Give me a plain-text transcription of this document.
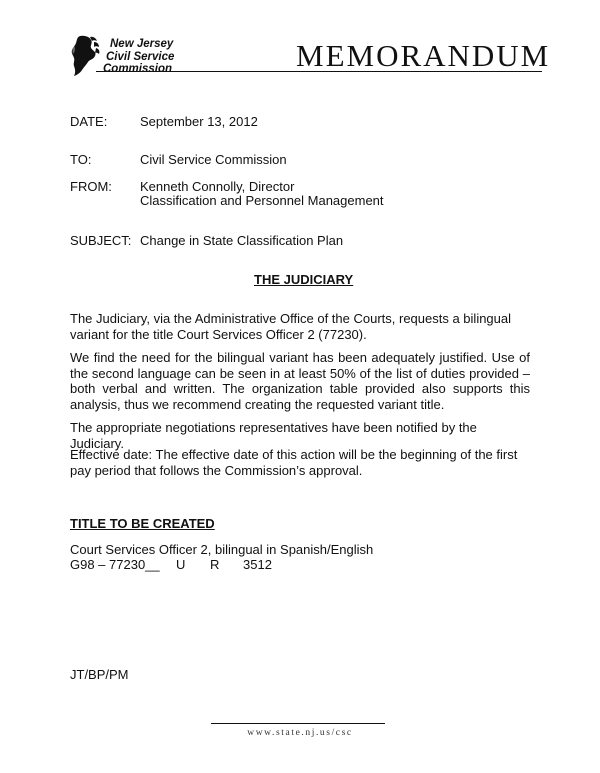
New Jersey
Civil Service
Commission	MEMORANDUM
DATE:	September 13, 2012
TO:	Civil Service Commission
FROM: Kenneth Connolly, Director
Classification and Personnel Management
SUBJECT: Change in State Classification Plan
THE JUDICIARY
The Judiciary, via the Administrative Office of the Courts, requests a bilingual variant for the title Court Services Officer 2 (77230).
We find the need for the bilingual variant has been adequately justified. Use of the second language can be seen in at least 50% of the list of duties provided – both verbal and written. The organization table provided also supports this analysis, thus we recommend creating the requested variant title.
The appropriate negotiations representatives have been notified by the Judiciary.
Effective date: The effective date of this action will be the beginning of the first pay period that follows the Commission’s approval.
TITLE TO BE CREATED
Court Services Officer 2, bilingual in Spanish/English
G98 – 77230__ U R 3512
JT/BP/PM
www.state.nj.us/csc
